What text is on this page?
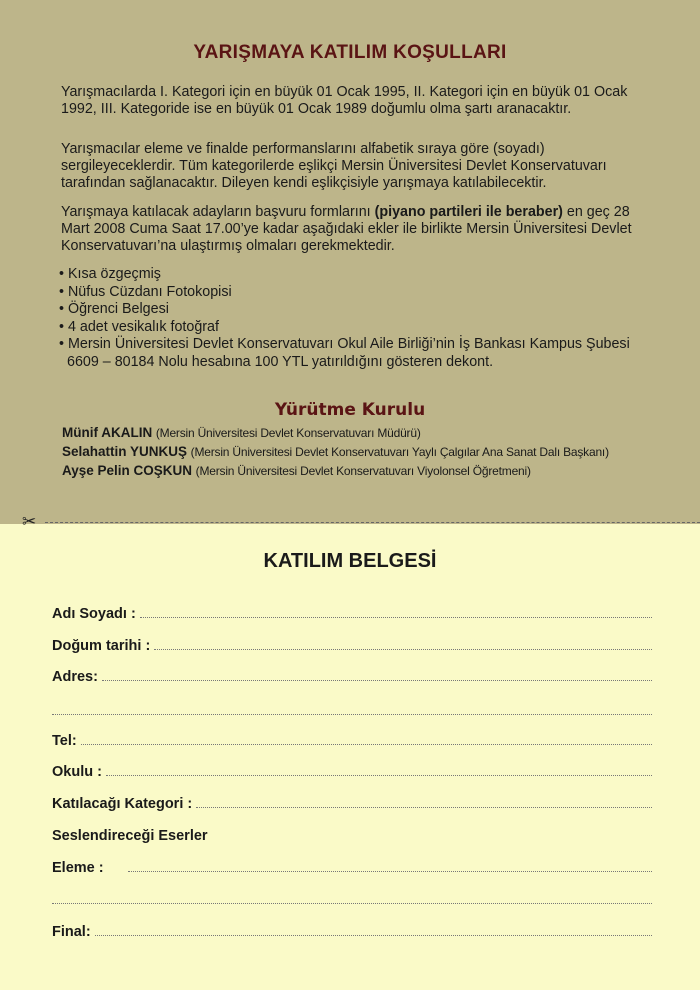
YARIŞMAYA KATILIM KOŞULLARI

Yarışmacılarda I. Kategori için en büyük 01 Ocak 1995, II. Kategori için en büyük 01 Ocak 1992, III. Kategoride ise en büyük 01 Ocak 1989 doğumlu olma şartı aranacaktır.

Yarışmacılar eleme ve finalde performanslarını alfabetik sıraya göre (soyadı) sergileyeceklerdir. Tüm kategorilerde eşlikçi Mersin Üniversitesi Devlet Konservatuvarı tarafından sağlanacaktır. Dileyen kendi eşlikçisiyle yarışmaya katılabilecektir.

Yarışmaya katılacak adayların başvuru formlarını (piyano partileri ile beraber) en geç 28 Mart 2008 Cuma Saat 17.00’ye kadar aşağıdaki ekler ile birlikte Mersin Üniversitesi Devlet Konservatuvarı’na ulaştırmış olmaları gerekmektedir.

• Kısa özgeçmiş
• Nüfus Cüzdanı Fotokopisi
• Öğrenci Belgesi
• 4 adet vesikalık fotoğraf
• Mersin Üniversitesi Devlet Konservatuvarı Okul Aile Birliği’nin İş Bankası Kampus Şubesi
6609 – 80184 Nolu hesabına 100 YTL yatırıldığını gösteren dekont.
Yürütme Kurulu
Münif AKALIN (Mersin Üniversitesi Devlet Konservatuvarı Müdürü)
Selahattin YUNKUŞ (Mersin Üniversitesi Devlet Konservatuvarı Yaylı Çalgılar Ana Sanat Dalı Başkanı)
Ayşe Pelin COŞKUN (Mersin Üniversitesi Devlet Konservatuvarı Viyolonsel Öğretmeni)
✂
KATILIM BELGESİ
Adı Soyadı :
Doğum tarihi :
Adres:
Tel:
Okulu :
Katılacağı Kategori :
Seslendireceği Eserler
Eleme :
Final:
